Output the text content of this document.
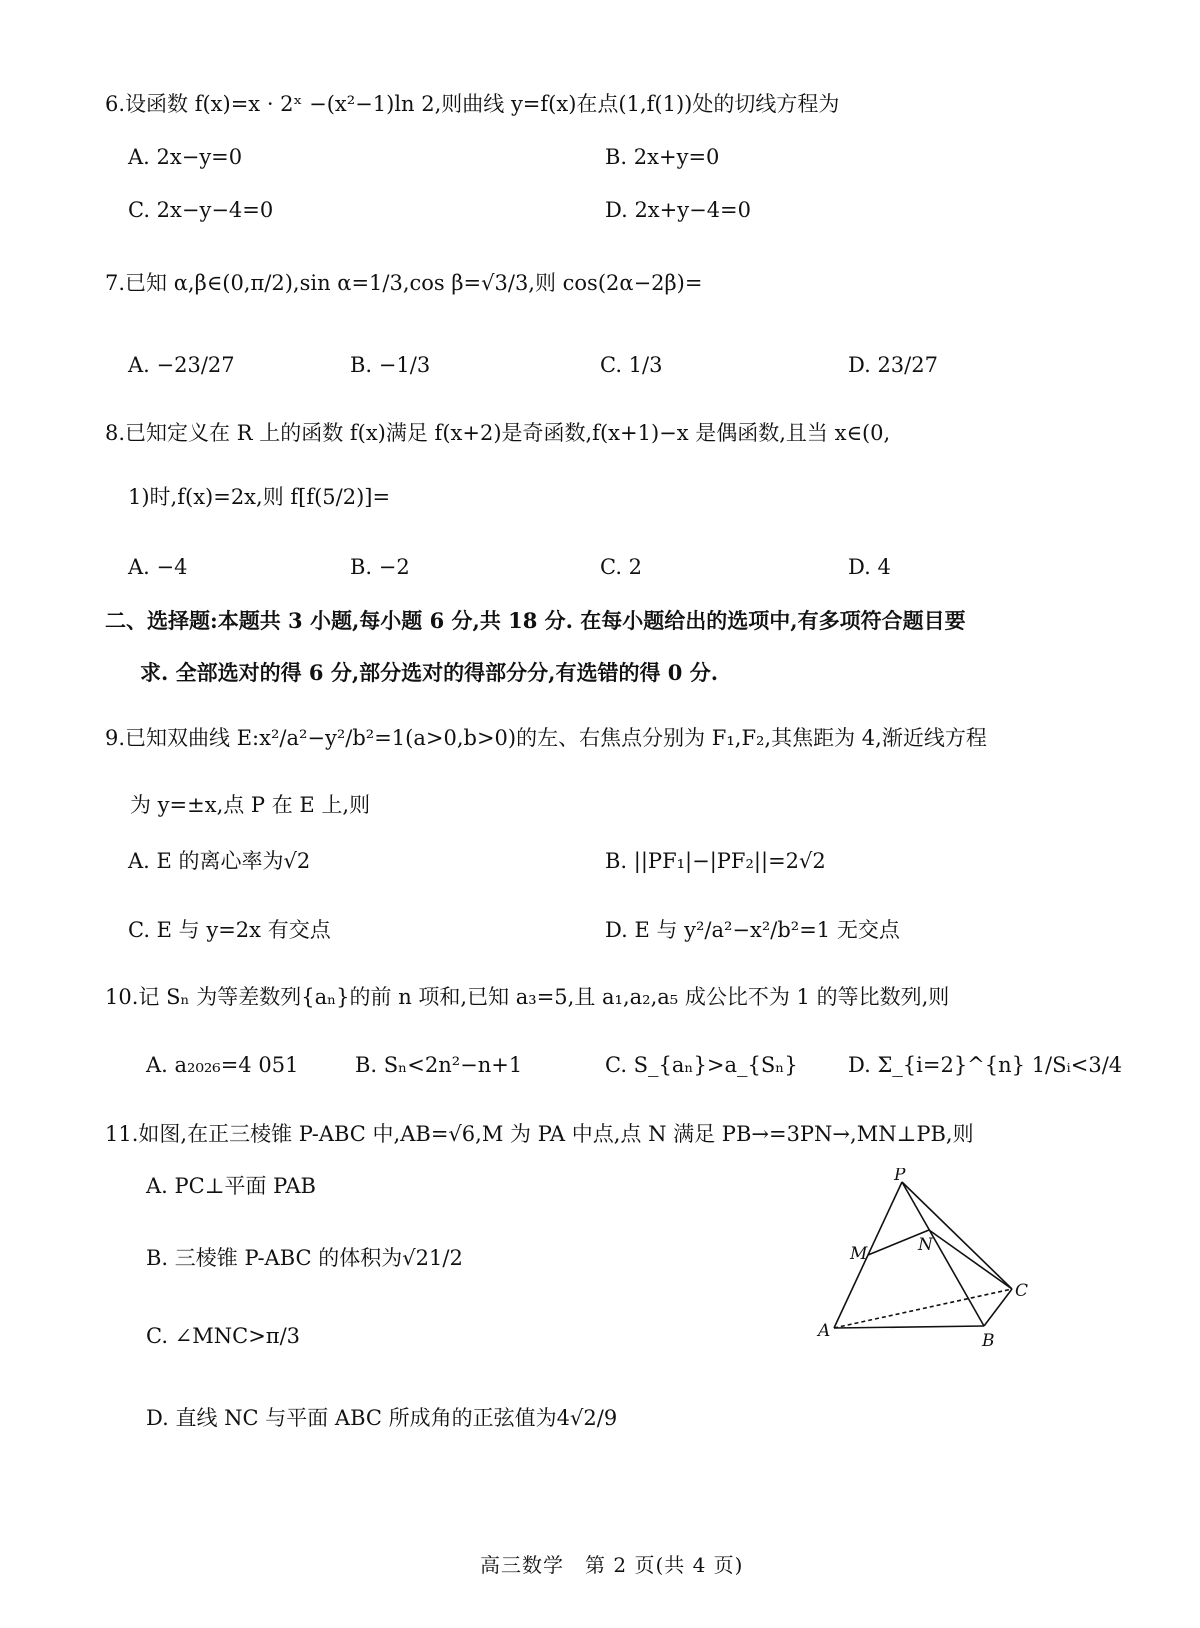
6.设函数 f(x)=x · 2ˣ −(x²−1)ln 2,则曲线 y=f(x)在点(1,f(1))处的切线方程为
A. 2x−y=0	B. 2x+y=0
C. 2x−y−4=0	D. 2x+y−4=0
7.已知 α,β∈(0,π/2),sin α=1/3,cos β=√3/3,则 cos(2α−2β)=
A. −23/27	B. −1/3	C. 1/3	D. 23/27
8.已知定义在 R 上的函数 f(x)满足 f(x+2)是奇函数,f(x+1)−x 是偶函数,且当 x∈(0,
1)时,f(x)=2x,则 f[f(5/2)]=
A. −4	B. −2	C. 2	D. 4
二、选择题:本题共 3 小题,每小题 6 分,共 18 分. 在每小题给出的选项中,有多项符合题目要
求. 全部选对的得 6 分,部分选对的得部分分,有选错的得 0 分.
9.已知双曲线 E:x²/a²−y²/b²=1(a>0,b>0)的左、右焦点分别为 F₁,F₂,其焦距为 4,渐近线方程
为 y=±x,点 P 在 E 上,则
A. E 的离心率为√2	B. ||PF₁|−|PF₂||=2√2
C. E 与 y=2x 有交点	D. E 与 y²/a²−x²/b²=1 无交点
10.记 Sₙ 为等差数列{aₙ}的前 n 项和,已知 a₃=5,且 a₁,a₂,a₅ 成公比不为 1 的等比数列,则
A. a₂₀₂₆=4 051	B. Sₙ<2n²−n+1	C. S_{aₙ}>a_{Sₙ} D. Σ_{i=2}^{n} 1/Sᵢ<3/4
11.如图,在正三棱锥 P-ABC 中,AB=√6,M 为 PA 中点,点 N 满足 PB→=3PN→,MN⊥PB,则
A. PC⊥平面 PAB
B. 三棱锥 P-ABC 的体积为√21/2
C. ∠MNC>π/3
D. 直线 NC 与平面 ABC 所成角的正弦值为4√2/9
P
M	N
C
A	B
高三数学　第 2 页(共 4 页)
